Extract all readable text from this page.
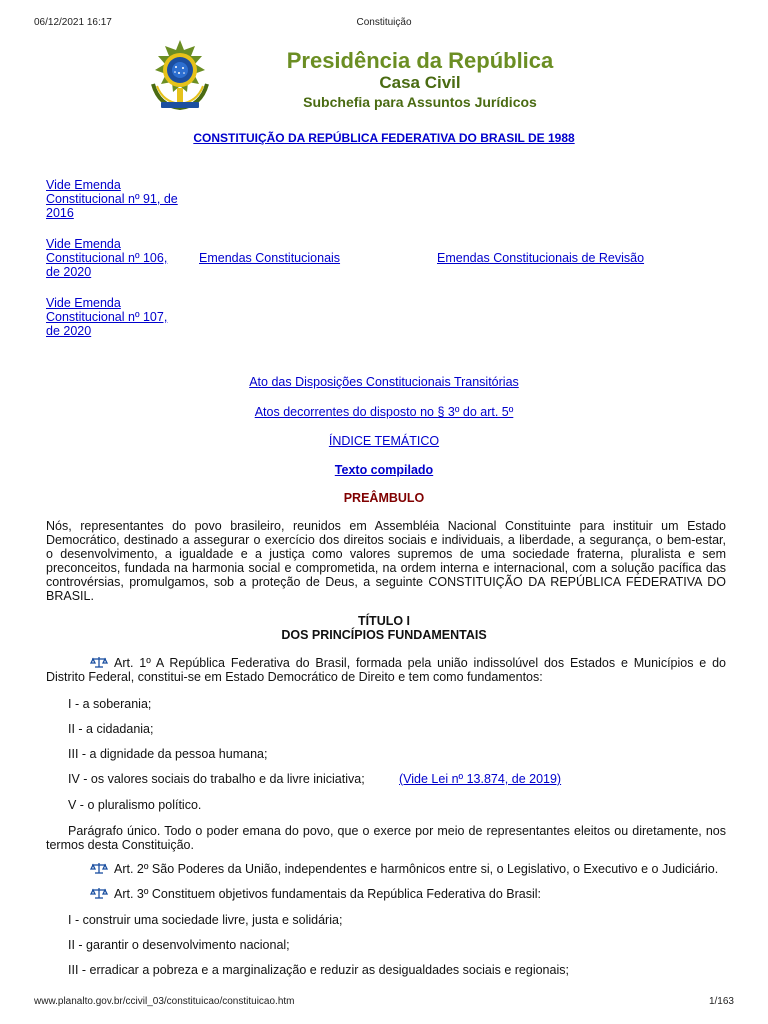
06/12/2021 16:17	Constituição
Presidência da República
Casa Civil
Subchefia para Assuntos Jurídicos
CONSTITUIÇÃO DA REPÚBLICA FEDERATIVA DO BRASIL DE 1988
Vide Emenda
Constitucional nº 91, de
2016
Vide Emenda
Constitucional nº 106,
de 2020
Vide Emenda
Constitucional nº 107,
de 2020
Emendas Constitucionais	Emendas Constitucionais de Revisão
Ato das Disposições Constitucionais Transitórias
Atos decorrentes do disposto no § 3º do art. 5º
ÍNDICE TEMÁTICO
Texto compilado
PREÂMBULO
Nós, representantes do povo brasileiro, reunidos em Assembléia Nacional Constituinte para instituir um Estado
Democrático, destinado a assegurar o exercício dos direitos sociais e individuais, a liberdade, a segurança, o bem-estar,
o desenvolvimento, a igualdade e a justiça como valores supremos de uma sociedade fraterna, pluralista e sem
preconceitos, fundada na harmonia social e comprometida, na ordem interna e internacional, com a solução pacífica das
controvérsias, promulgamos, sob a proteção de Deus, a seguinte CONSTITUIÇÃO DA REPÚBLICA FEDERATIVA DO
BRASIL.
TÍTULO I
DOS PRINCÍPIOS FUNDAMENTAIS
Art. 1º A República Federativa do Brasil, formada pela união indissolúvel dos Estados e Municípios e do
Distrito Federal, constitui-se em Estado Democrático de Direito e tem como fundamentos:
I - a soberania;
II - a cidadania;
III - a dignidade da pessoa humana;
IV - os valores sociais do trabalho e da livre iniciativa;	(Vide Lei nº 13.874, de 2019)
V - o pluralismo político.
Parágrafo único. Todo o poder emana do povo, que o exerce por meio de representantes eleitos ou diretamente, nos
termos desta Constituição.
Art. 2º São Poderes da União, independentes e harmônicos entre si, o Legislativo, o Executivo e o Judiciário.
Art. 3º Constituem objetivos fundamentais da República Federativa do Brasil:
I - construir uma sociedade livre, justa e solidária;
II - garantir o desenvolvimento nacional;
III - erradicar a pobreza e a marginalização e reduzir as desigualdades sociais e regionais;
www.planalto.gov.br/ccivil_03/constituicao/constituicao.htm	1/163
